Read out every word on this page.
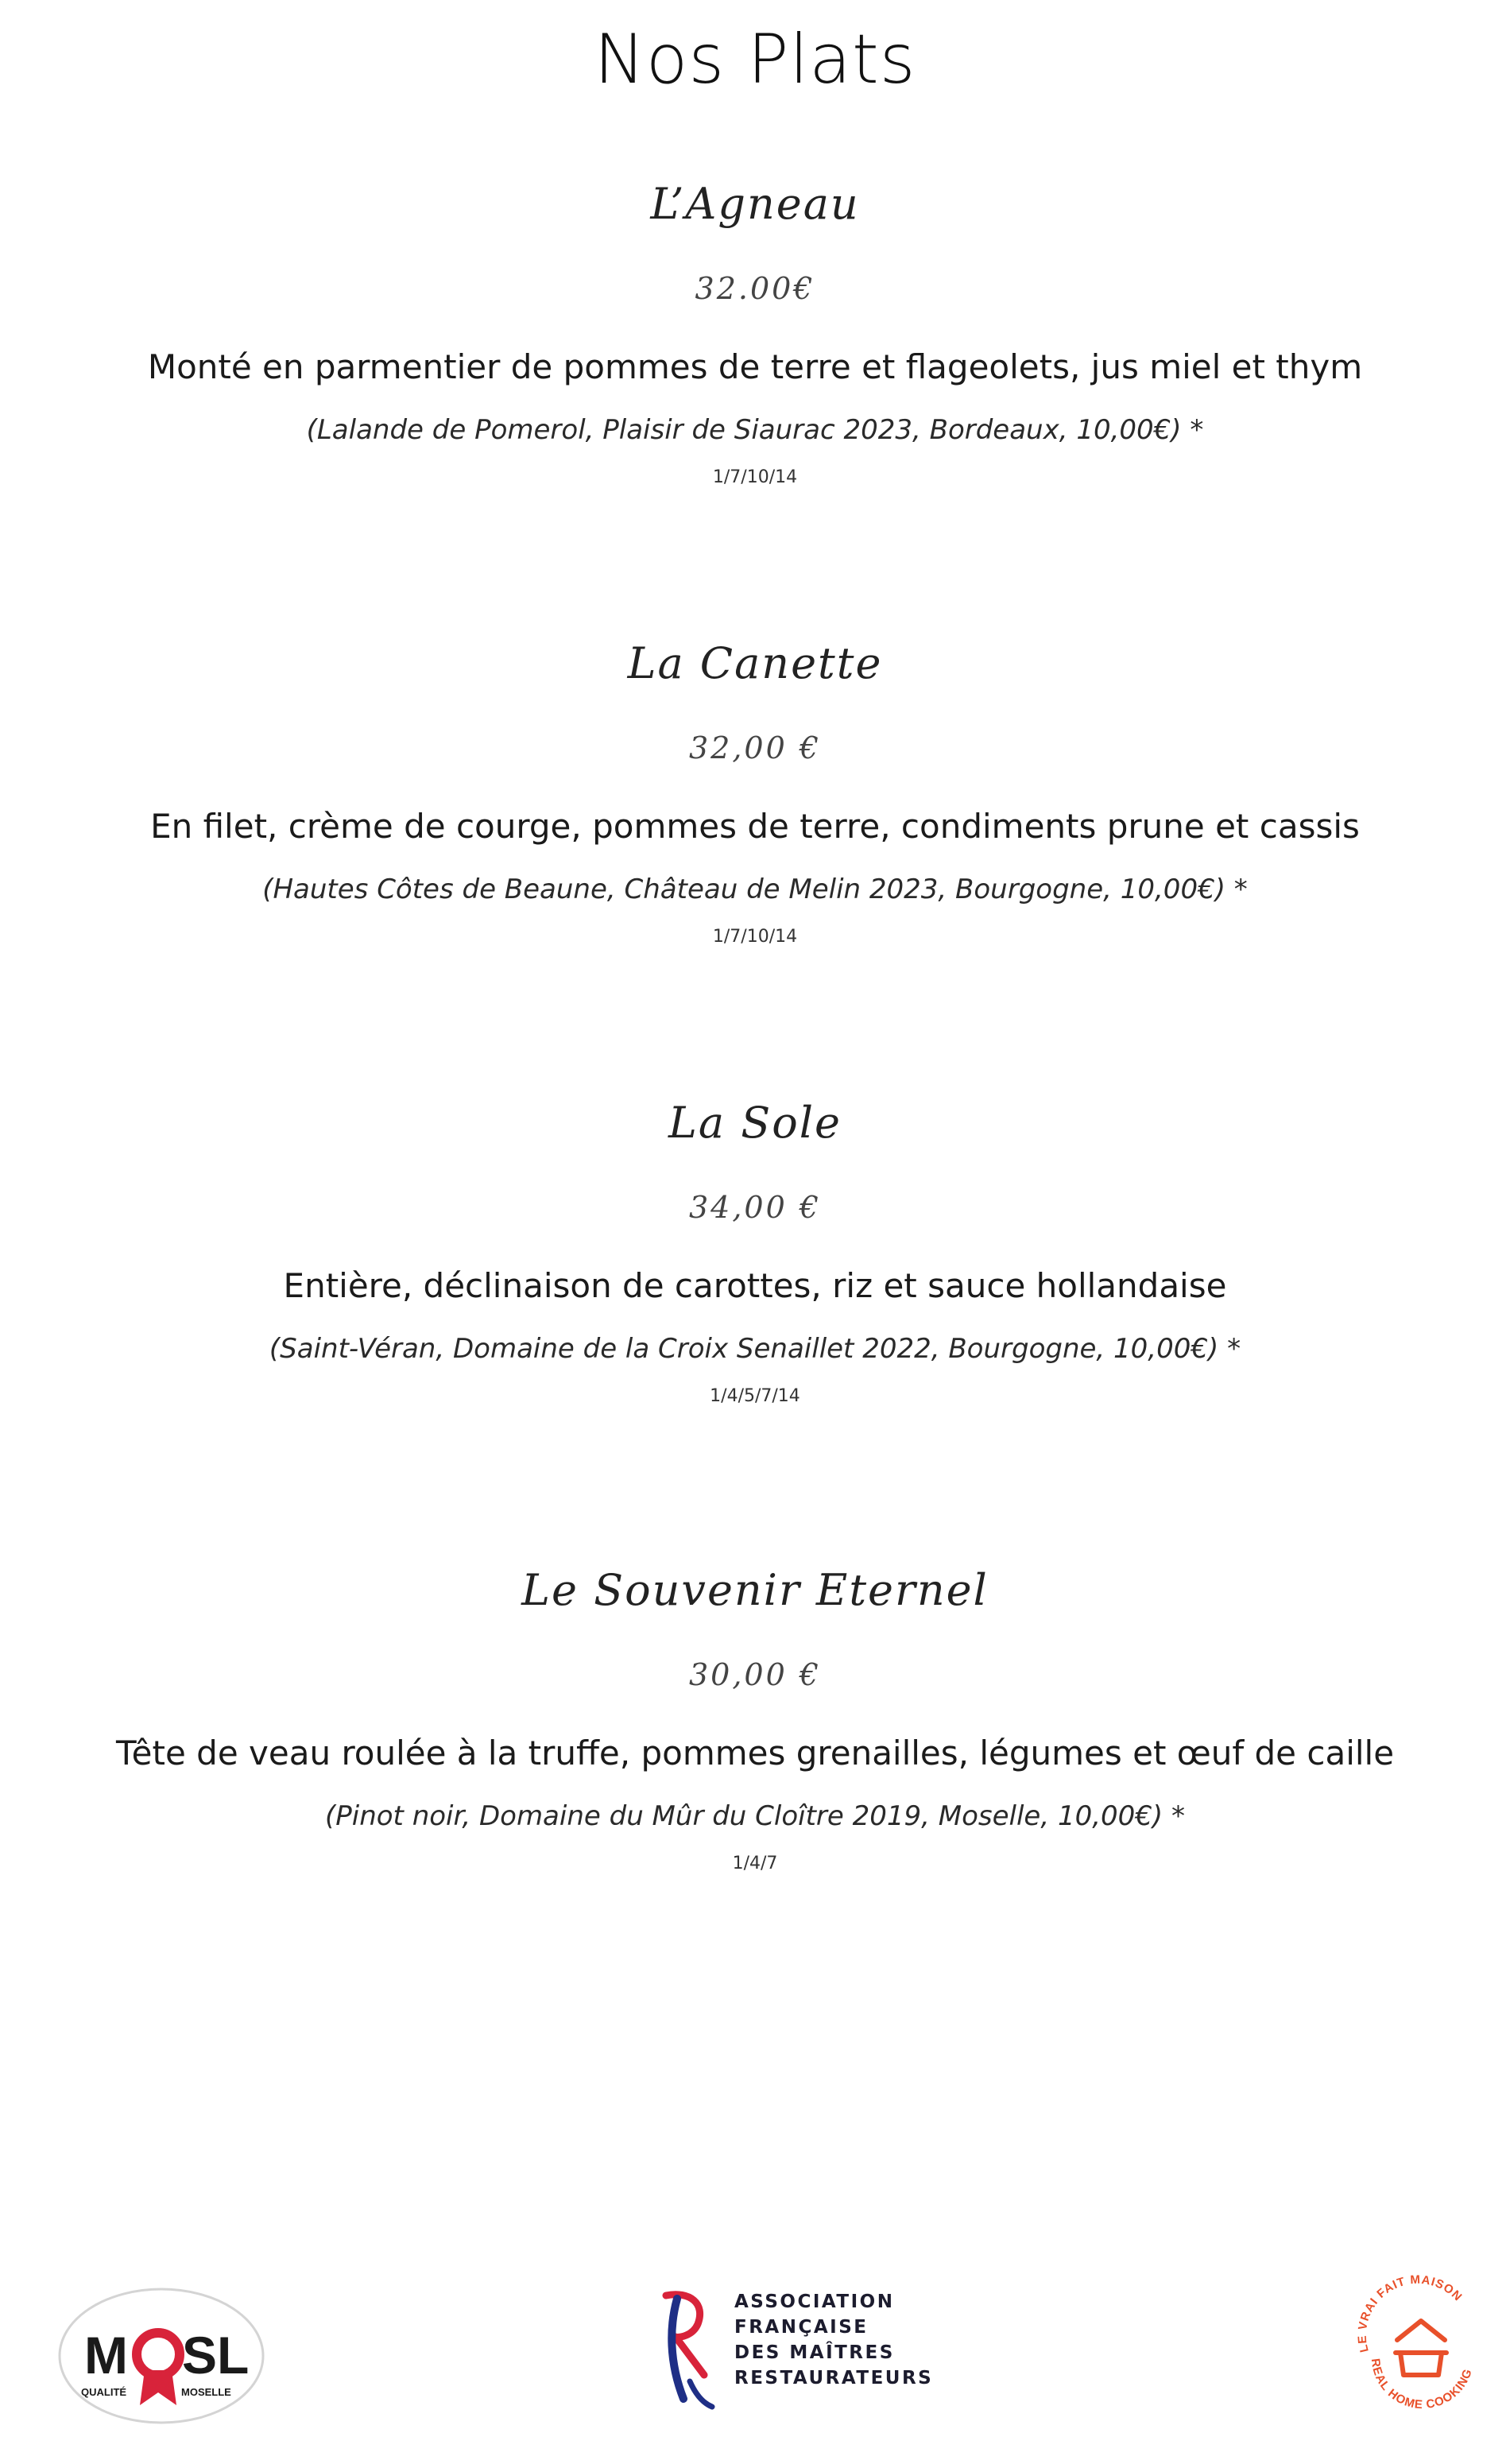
Nos Plats
L’Agneau
32.00€
Monté en parmentier de pommes de terre et flageolets, jus miel et thym
(Lalande de Pomerol, Plaisir de Siaurac 2023, Bordeaux, 10,00€) *
1/7/10/14
La Canette
32,00 €
En filet, crème de courge, pommes de terre, condiments prune et cassis
(Hautes Côtes de Beaune, Château de Melin 2023, Bourgogne, 10,00€) *
1/7/10/14
La Sole
34,00 €
Entière, déclinaison de carottes, riz et sauce hollandaise
(Saint-Véran, Domaine de la Croix Senaillet 2022, Bourgogne, 10,00€) *
1/4/5/7/14
Le Souvenir Eternel
30,00 €
Tête de veau roulée à la truffe, pommes grenailles, légumes et œuf de caille
(Pinot noir, Domaine du Mûr du Cloître 2019, Moselle, 10,00€) *
1/4/7
M SL
QUALITÉ	MOSELLE
ASSOCIATION
FRANÇAISE
DES MAÎTRES
RESTAURATEURS
LE VRAI FAIT MAISON
REAL HOME COOKING
